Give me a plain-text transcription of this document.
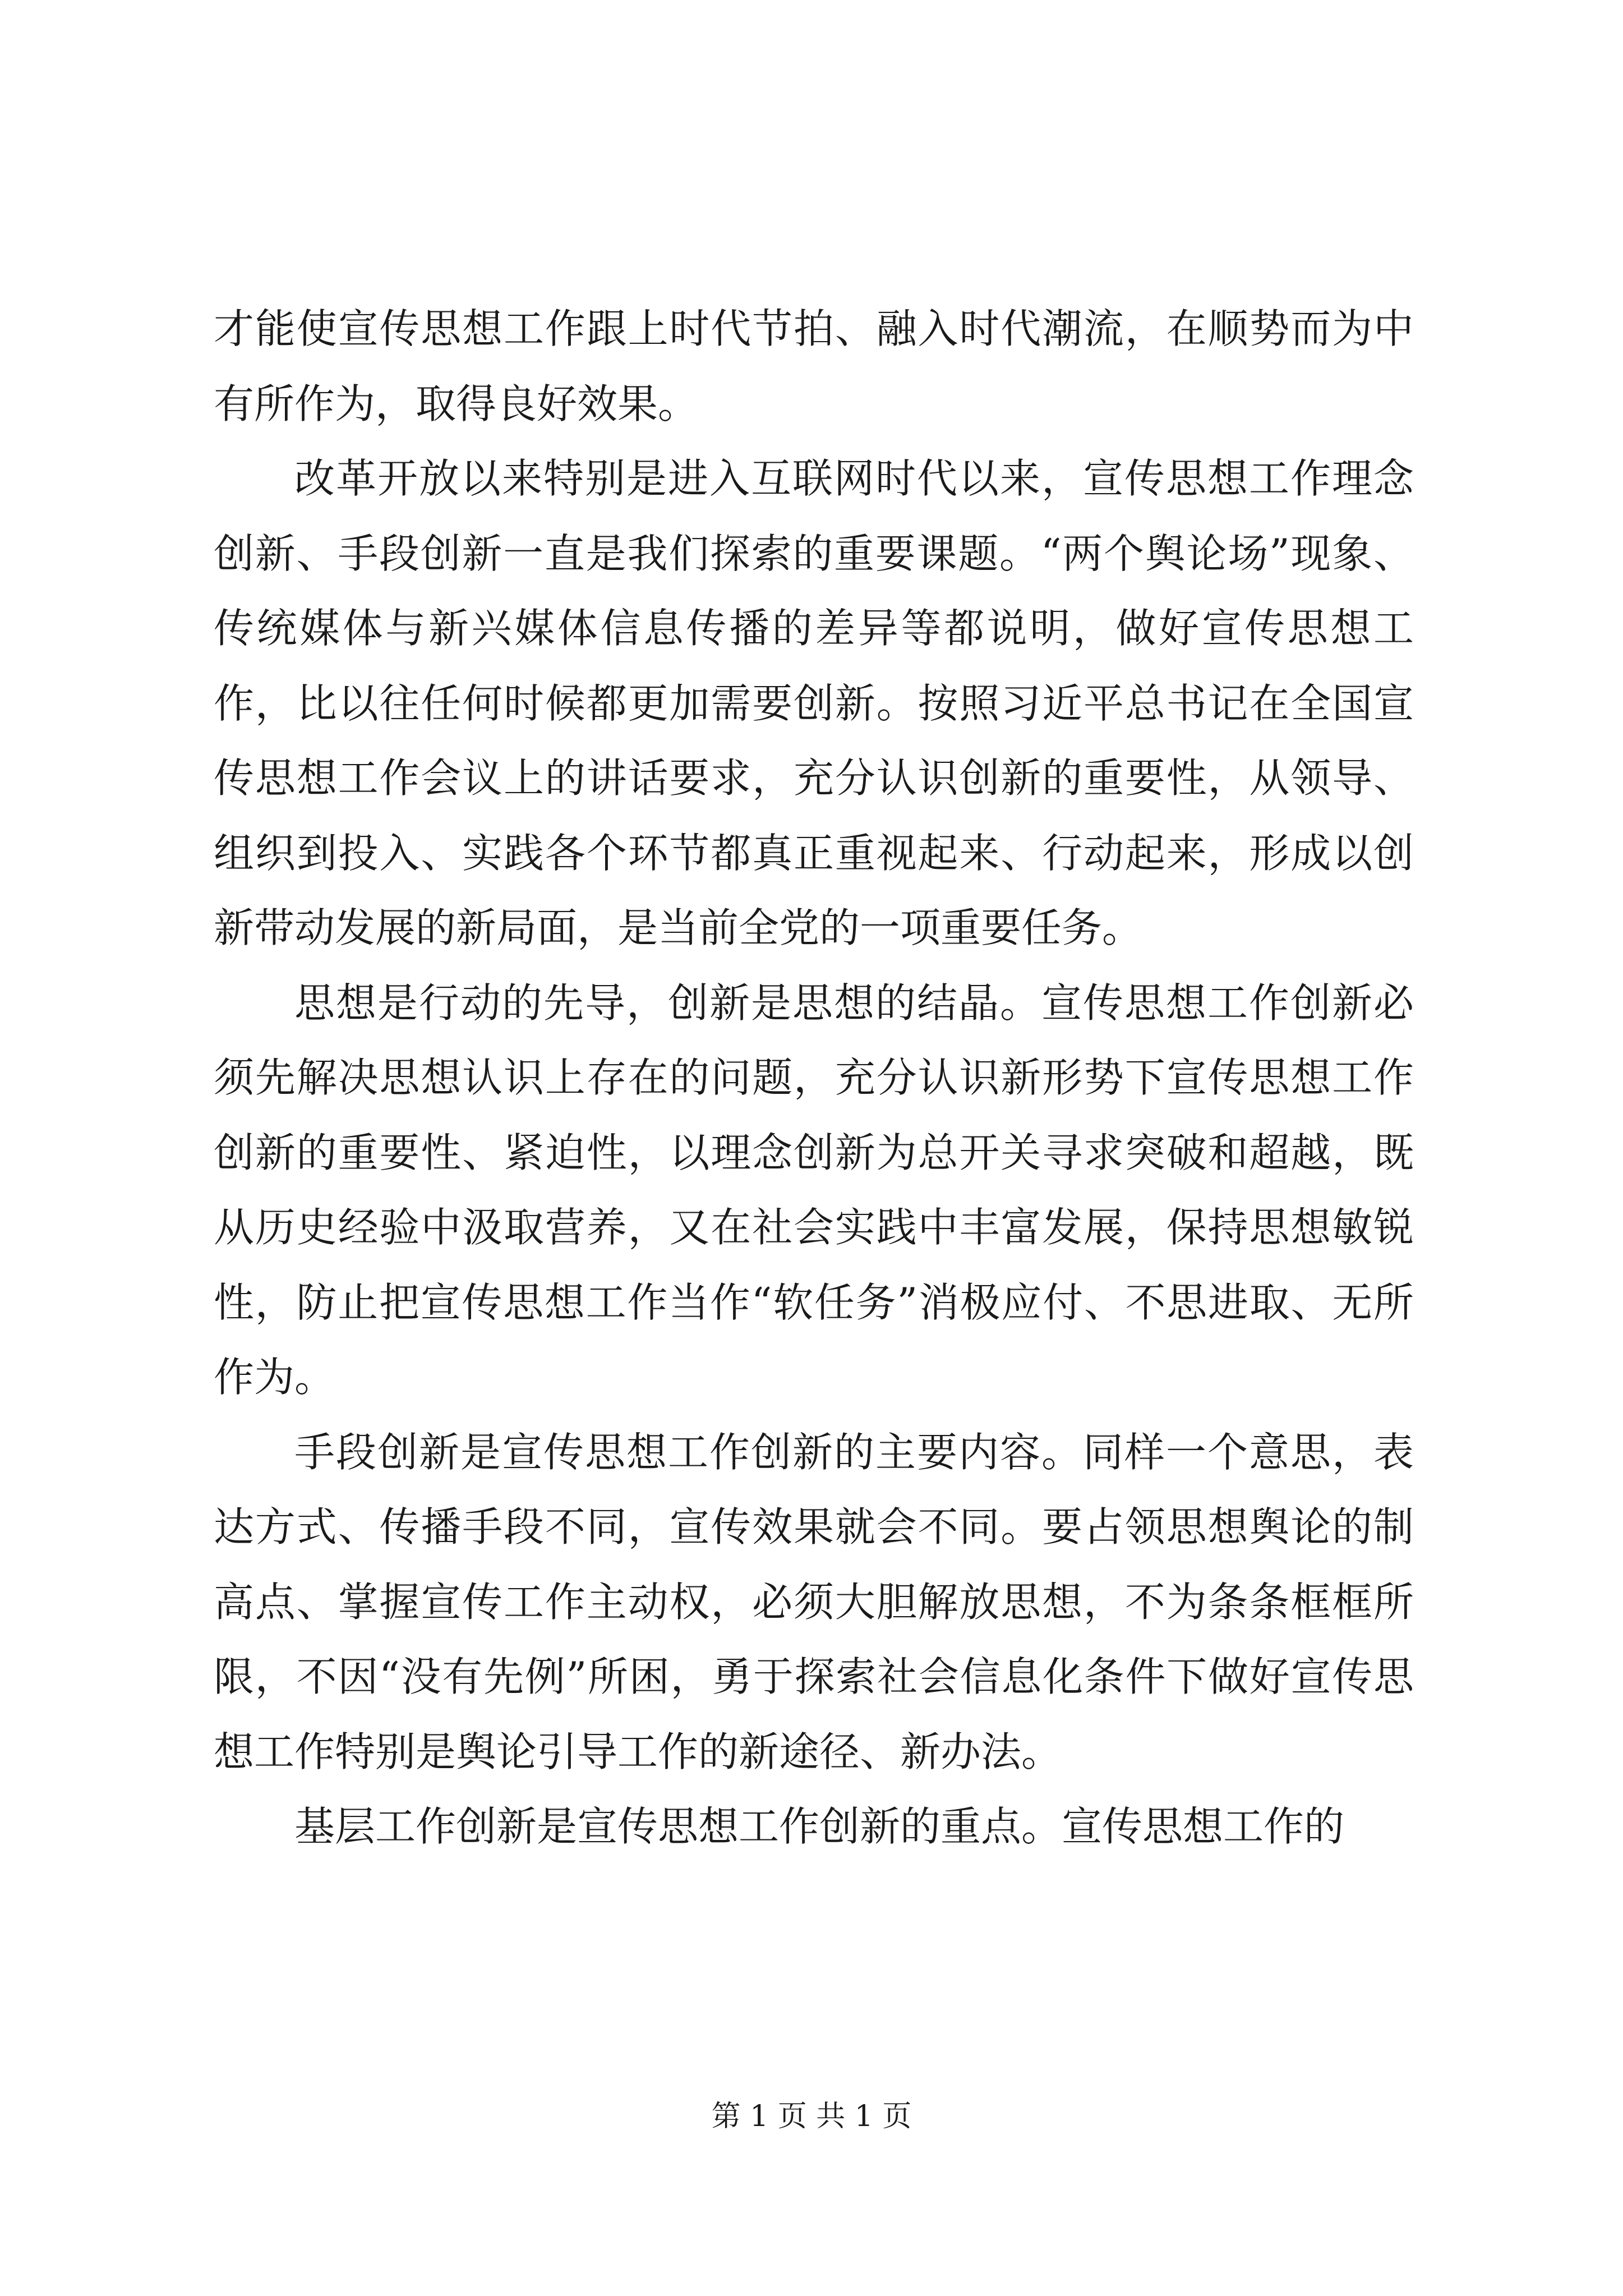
才能使宣传思想工作跟上时代节拍、融入时代潮流，在顺势而为中有所作为，取得良好效果。

改革开放以来特别是进入互联网时代以来，宣传思想工作理念创新、手段创新一直是我们探索的重要课题。“两个舆论场”现象、传统媒体与新兴媒体信息传播的差异等都说明，做好宣传思想工作，比以往任何时候都更加需要创新。按照习近平总书记在全国宣传思想工作会议上的讲话要求，充分认识创新的重要性，从领导、组织到投入、实践各个环节都真正重视起来、行动起来，形成以创新带动发展的新局面，是当前全党的一项重要任务。

思想是行动的先导，创新是思想的结晶。宣传思想工作创新必须先解决思想认识上存在的问题，充分认识新形势下宣传思想工作创新的重要性、紧迫性，以理念创新为总开关寻求突破和超越，既从历史经验中汲取营养，又在社会实践中丰富发展，保持思想敏锐性，防止把宣传思想工作当作“软任务”消极应付、不思进取、无所作为。

手段创新是宣传思想工作创新的主要内容。同样一个意思，表达方式、传播手段不同，宣传效果就会不同。要占领思想舆论的制高点、掌握宣传工作主动权，必须大胆解放思想，不为条条框框所限，不因“没有先例”所困，勇于探索社会信息化条件下做好宣传思想工作特别是舆论引导工作的新途径、新办法。

基层工作创新是宣传思想工作创新的重点。宣传思想工作的

第 1 页 共 1 页
